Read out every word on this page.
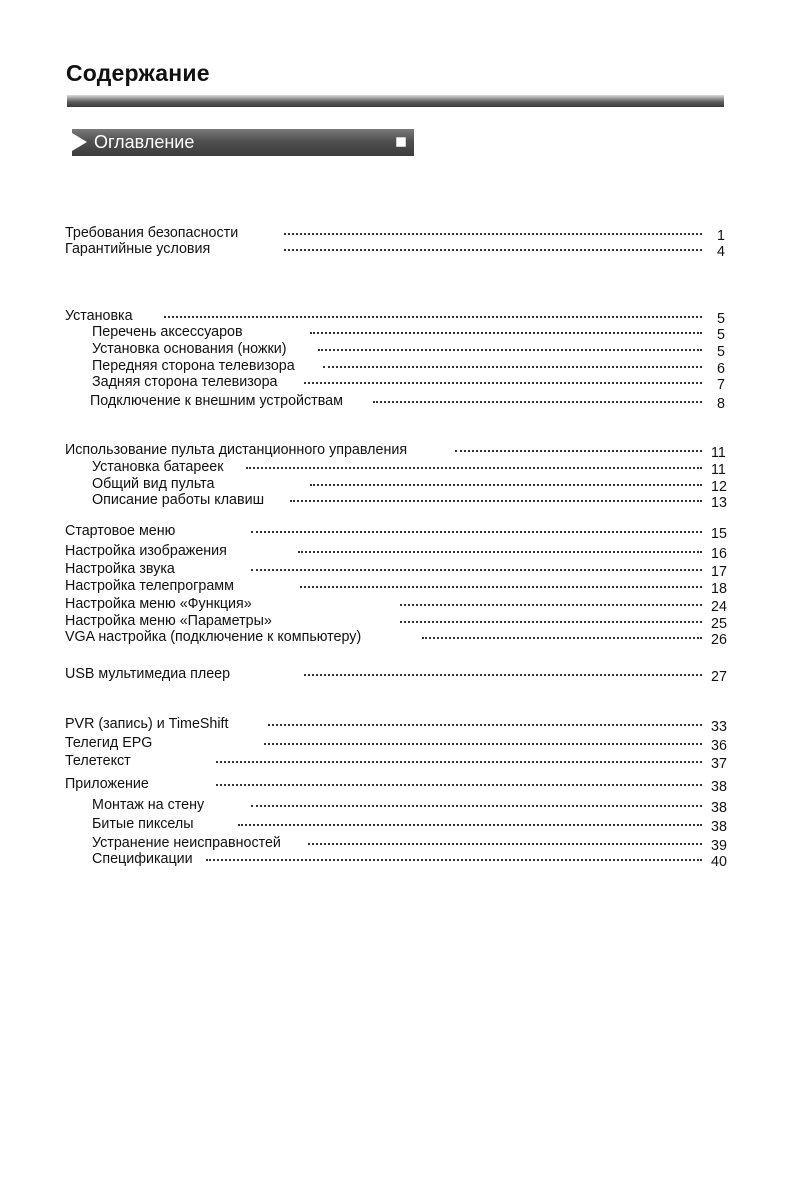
Содержание
Оглавление
Требования безопасности	1
Гарантийные условия	4
Установка	5
Перечень аксессуаров	5
Установка основания (ножки)	5
Передняя сторона телевизора	6
Задняя сторона телевизора	7
Подключение к внешним устройствам	8
Использование пульта дистанционного управления	11
Установка батареек	11
Общий вид пульта	12
Описание работы клавиш	13
Стартовое меню	15
Настройка изображения	16
Настройка звука	17
Настройка телепрограмм	18
Настройка меню «Функция»	24
Настройка меню «Параметры»	25
VGA настройка (подключение к компьютеру)	26
USB мультимедиа плеер	27
PVR (запись) и TimeShift	33
Телегид EPG	36
Телетекст	37
Приложение	38
Монтаж на стену	38
Битые пикселы	38
Устранение неисправностей	39
Спецификации	40
